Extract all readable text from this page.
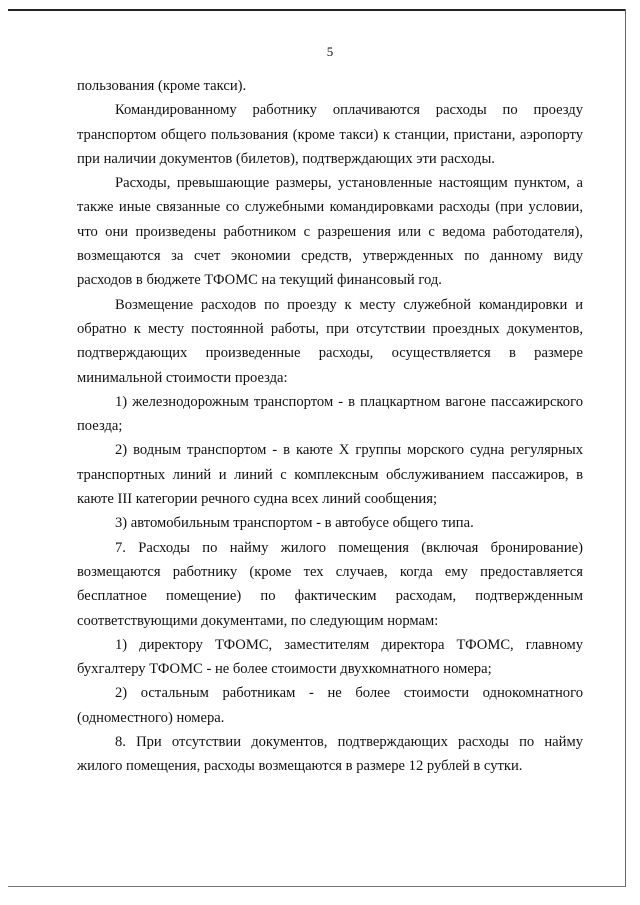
5

пользования (кроме такси).

Командированному работнику оплачиваются расходы по проезду транспортом общего пользования (кроме такси) к станции, пристани, аэропорту при наличии документов (билетов), подтверждающих эти расходы.

Расходы, превышающие размеры, установленные настоящим пунктом, а также иные связанные со служебными командировками расходы (при условии, что они произведены работником с разрешения или с ведома работодателя), возмещаются за счет экономии средств, утвержденных по данному виду расходов в бюджете ТФОМС на текущий финансовый год.

Возмещение расходов по проезду к месту служебной командировки и обратно к месту постоянной работы, при отсутствии проездных документов, подтверждающих произведенные расходы, осуществляется в размере минимальной стоимости проезда:

1) железнодорожным транспортом - в плацкартном вагоне пассажирского поезда;

2) водным транспортом - в каюте X группы морского судна регулярных транспортных линий и линий с комплексным обслуживанием пассажиров, в каюте III категории речного судна всех линий сообщения;

3) автомобильным транспортом - в автобусе общего типа.

7. Расходы по найму жилого помещения (включая бронирование) возмещаются работнику (кроме тех случаев, когда ему предоставляется бесплатное помещение) по фактическим расходам, подтвержденным соответствующими документами, по следующим нормам:

1) директору ТФОМС, заместителям директора ТФОМС, главному бухгалтеру ТФОМС - не более стоимости двухкомнатного номера;

2) остальным работникам - не более стоимости однокомнатного (одноместного) номера.

8. При отсутствии документов, подтверждающих расходы по найму жилого помещения, расходы возмещаются в размере 12 рублей в сутки.
